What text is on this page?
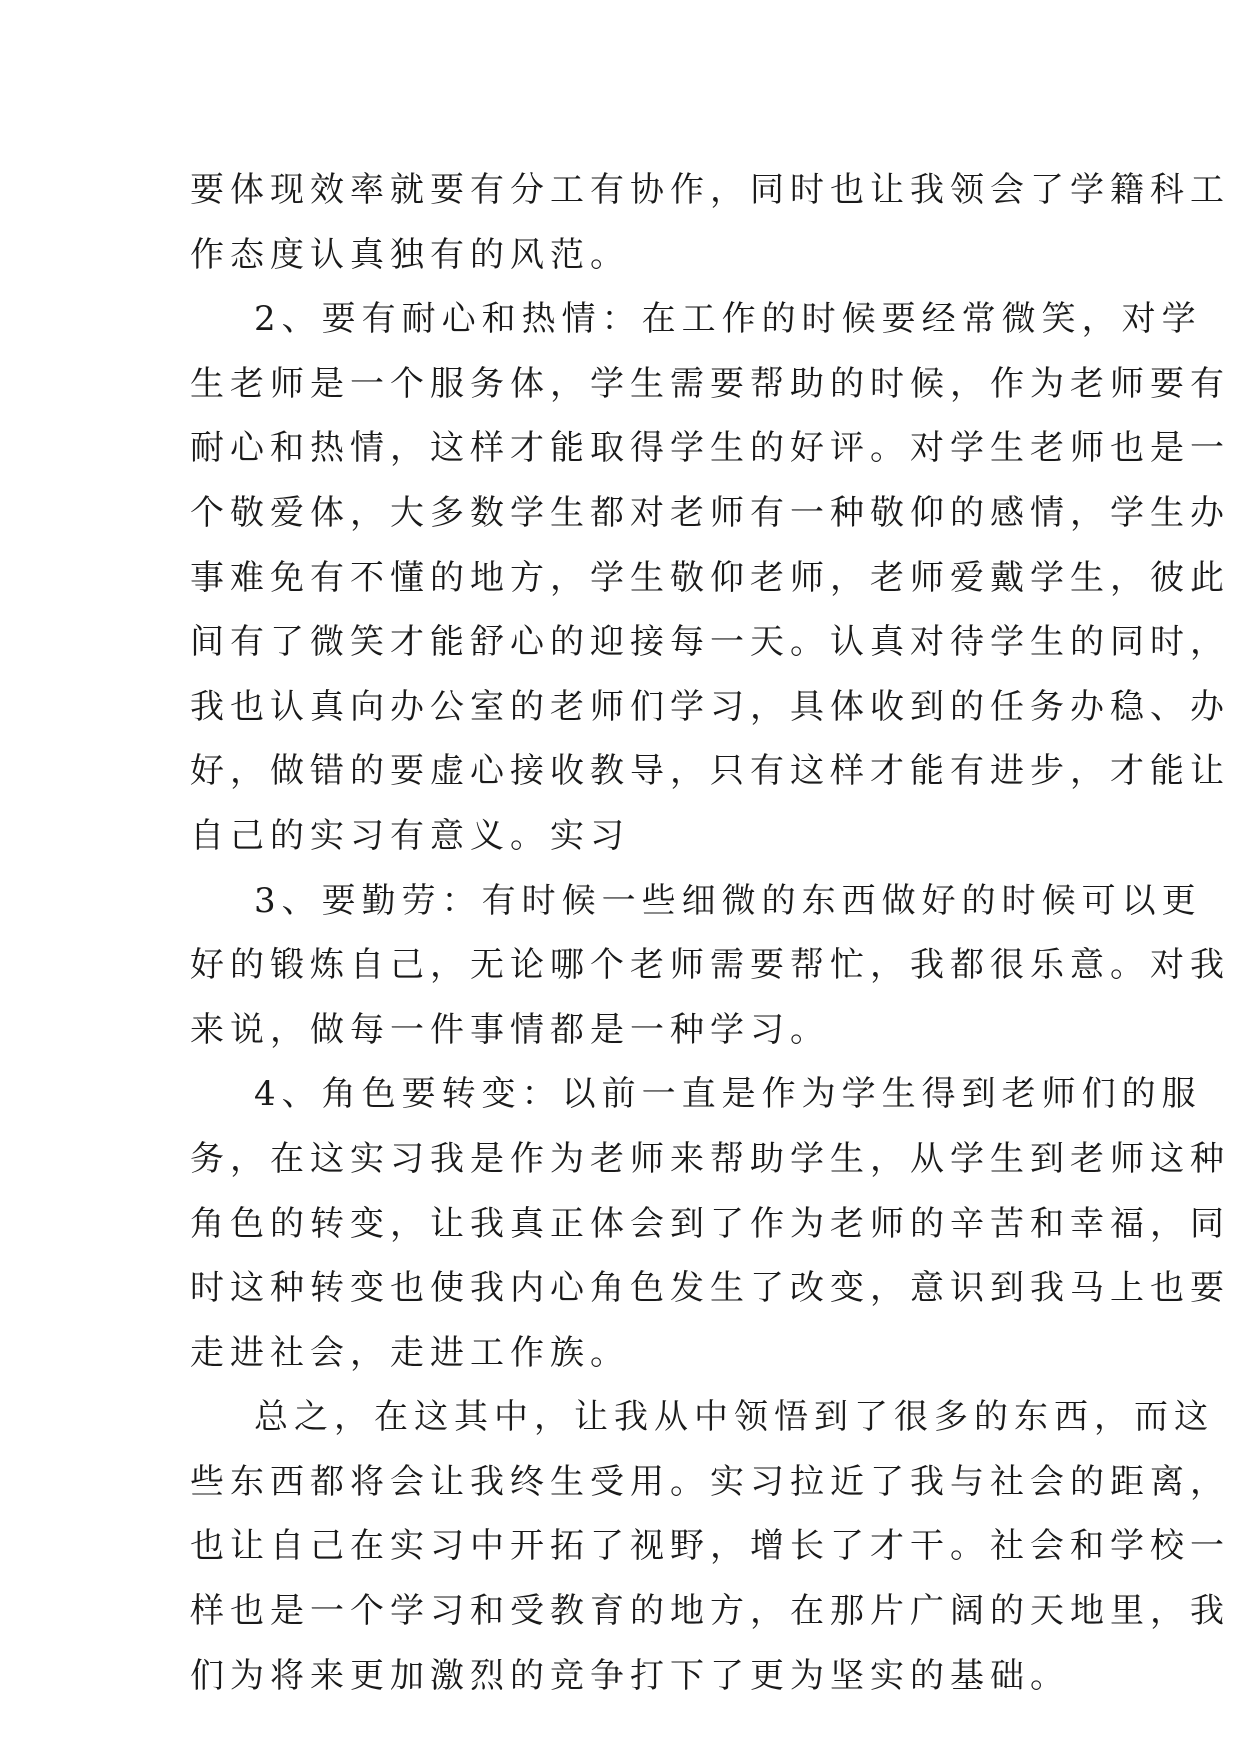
要体现效率就要有分工有协作，同时也让我领会了学籍科工
作态度认真独有的风范。
2、要有耐心和热情：在工作的时候要经常微笑，对学
生老师是一个服务体，学生需要帮助的时候，作为老师要有
耐心和热情，这样才能取得学生的好评。对学生老师也是一
个敬爱体，大多数学生都对老师有一种敬仰的感情，学生办
事难免有不懂的地方，学生敬仰老师，老师爱戴学生，彼此
间有了微笑才能舒心的迎接每一天。认真对待学生的同时，
我也认真向办公室的老师们学习，具体收到的任务办稳、办
好，做错的要虚心接收教导，只有这样才能有进步，才能让
自己的实习有意义。实习
3、要勤劳：有时候一些细微的东西做好的时候可以更
好的锻炼自己，无论哪个老师需要帮忙，我都很乐意。对我
来说，做每一件事情都是一种学习。
4、角色要转变：以前一直是作为学生得到老师们的服
务，在这实习我是作为老师来帮助学生，从学生到老师这种
角色的转变，让我真正体会到了作为老师的辛苦和幸福，同
时这种转变也使我内心角色发生了改变，意识到我马上也要
走进社会，走进工作族。
总之，在这其中，让我从中领悟到了很多的东西，而这
些东西都将会让我终生受用。实习拉近了我与社会的距离，
也让自己在实习中开拓了视野，增长了才干。社会和学校一
样也是一个学习和受教育的地方，在那片广阔的天地里，我
们为将来更加激烈的竞争打下了更为坚实的基础。
